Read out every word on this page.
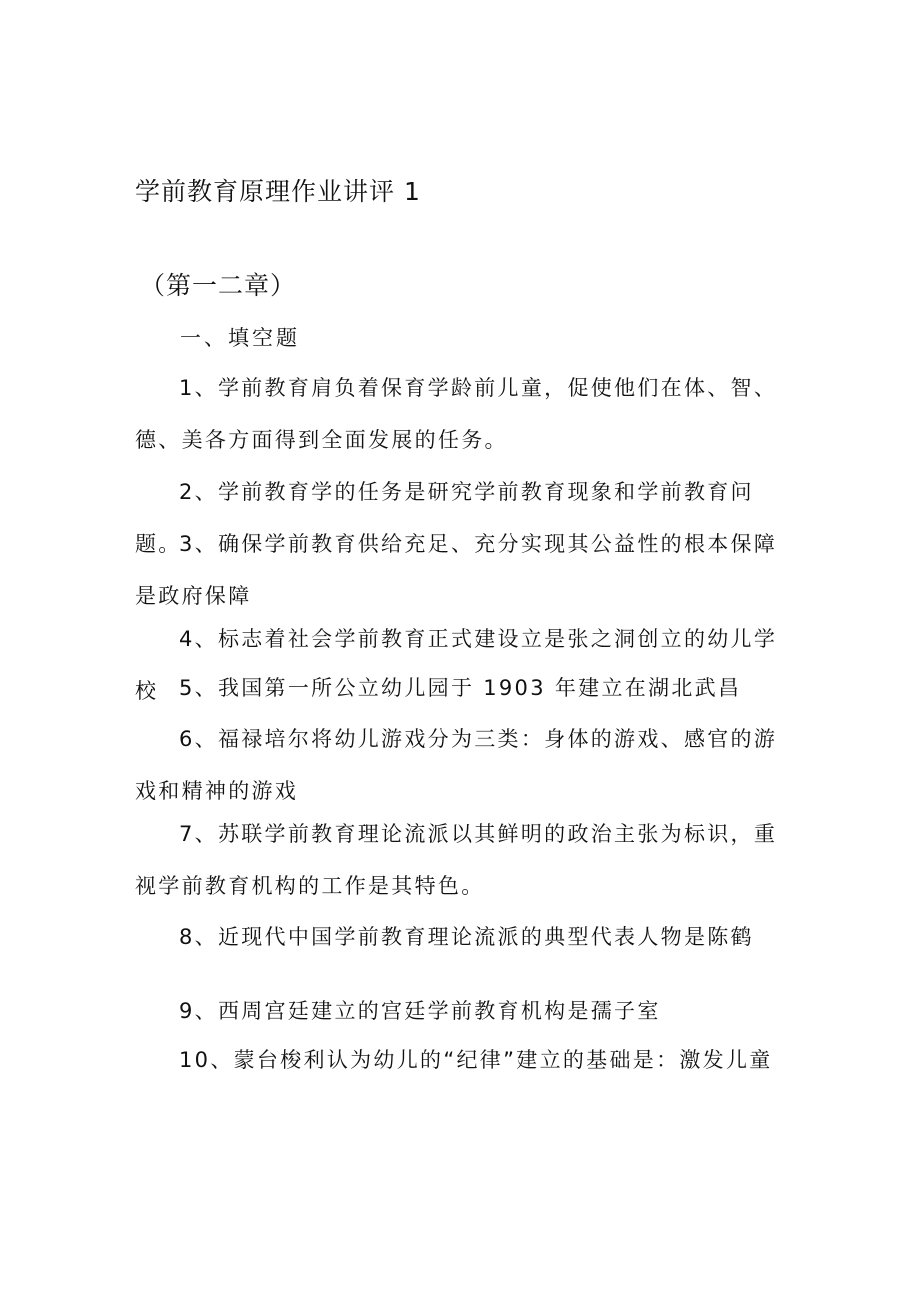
学前教育原理作业讲评 1
（第一二章）
一、填空题

1、学前教育肩负着保育学龄前儿童，促使他们在体、智、德、美各方面得到全面发展的任务。

2、学前教育学的任务是研究学前教育现象和学前教育问题。

3、确保学前教育供给充足、充分实现其公益性的根本保障是政府保障

4、标志着社会学前教育正式建设立是张之洞创立的幼儿学校 5、我国第一所公立幼儿园于 1903 年建立在湖北武昌

6、福禄培尔将幼儿游戏分为三类：身体的游戏、感官的游戏和精神的游戏

7、苏联学前教育理论流派以其鲜明的政治主张为标识，重视学前教育机构的工作是其特色。

8、近现代中国学前教育理论流派的典型代表人物是陈鹤

9、西周宫廷建立的宫廷学前教育机构是孺子室

10、蒙台梭利认为幼儿的“纪律”建立的基础是：激发儿童
